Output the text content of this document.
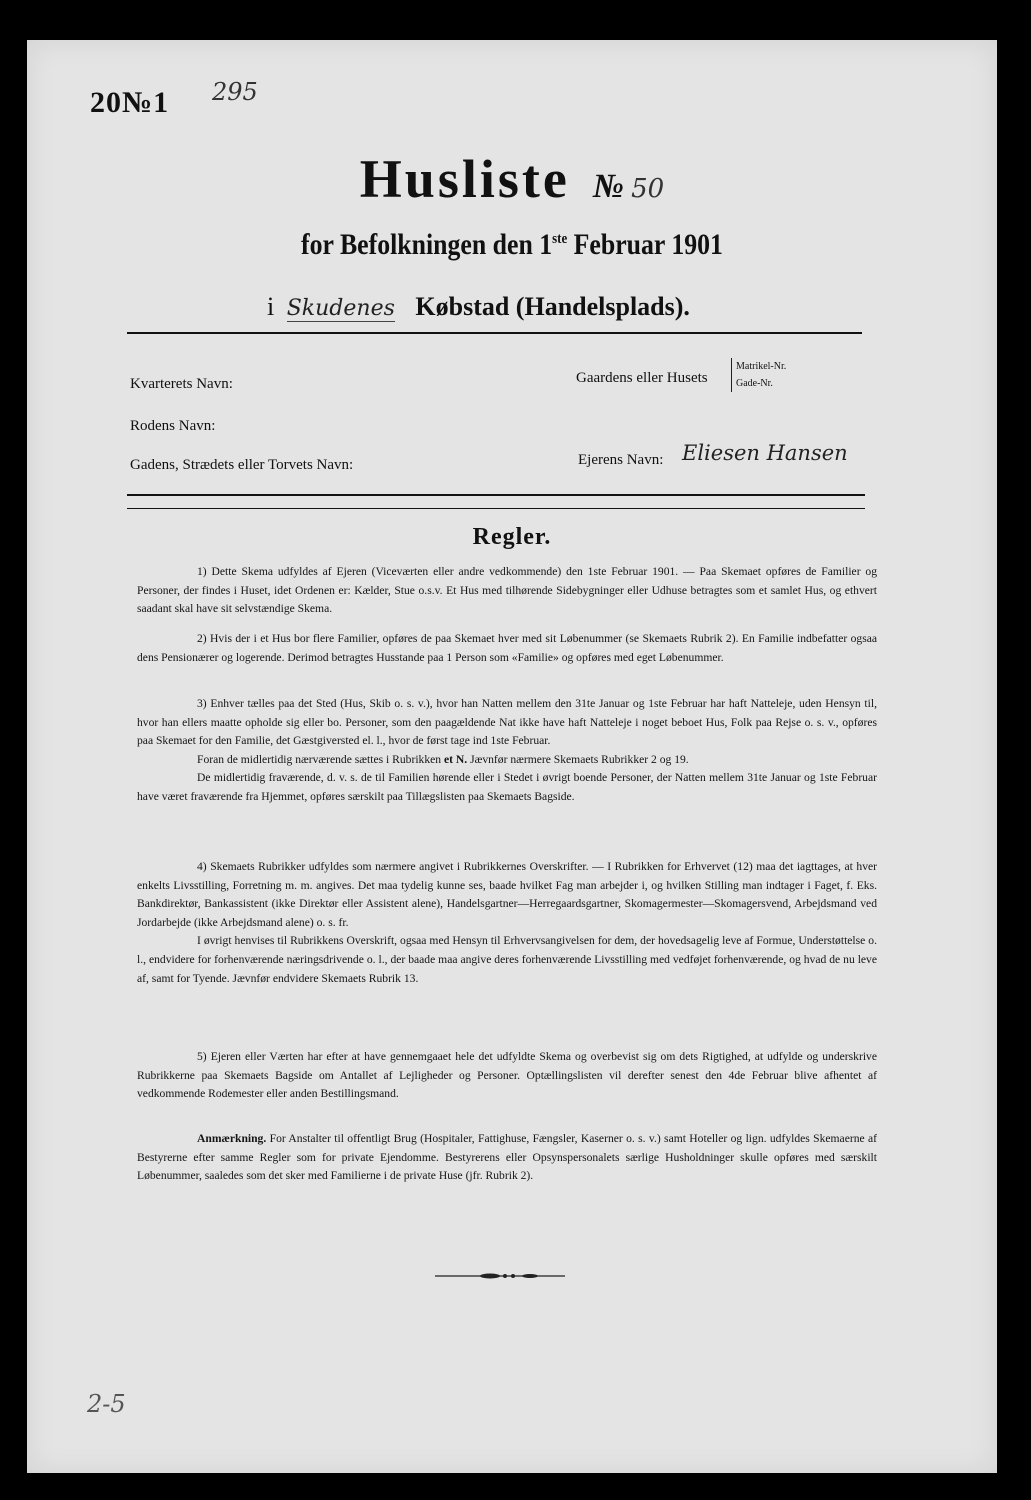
20№1 295
Husliste № 50
for Befolkningen den 1ste Februar 1901
i Skudenes Købstad (Handelsplads).
Kvarterets Navn:
Rodens Navn:
Gadens, Strædets eller Torvets Navn:
Gaardens eller Husets
Matrikel-Nr.
Gade-Nr.
Ejerens Navn: Eliesen Hansen
Regler.

1) Dette Skema udfyldes af Ejeren (Viceværten eller andre vedkommende) den 1ste Februar 1901. — Paa Skemaet opføres de Familier og Personer, der findes i Huset, idet Ordenen er: Kælder, Stue o.s.v. Et Hus med tilhørende Sidebygninger eller Udhuse betragtes som et samlet Hus, og ethvert saadant skal have sit selvstændige Skema.

2) Hvis der i et Hus bor flere Familier, opføres de paa Skemaet hver med sit Løbenummer (se Skemaets Rubrik 2). En Familie indbefatter ogsaa dens Pensionærer og logerende. Derimod betragtes Husstande paa 1 Person som «Familie» og opføres med eget Løbenummer.

3) Enhver tælles paa det Sted (Hus, Skib o. s. v.), hvor han Natten mellem den 31te Januar og 1ste Februar har haft Natteleje, uden Hensyn til, hvor han ellers maatte opholde sig eller bo. Personer, som den paagældende Nat ikke have haft Natteleje i noget beboet Hus, Folk paa Rejse o. s. v., opføres paa Skemaet for den Familie, det Gæstgiversted el. l., hvor de først tage ind 1ste Februar.

Foran de midlertidig nærværende sættes i Rubrikken et N. Jævnfør nærmere Skemaets Rubrikker 2 og 19.

De midlertidig fraværende, d. v. s. de til Familien hørende eller i Stedet i øvrigt boende Personer, der Natten mellem 31te Januar og 1ste Februar have været fraværende fra Hjemmet, opføres særskilt paa Tillægslisten paa Skemaets Bagside.

4) Skemaets Rubrikker udfyldes som nærmere angivet i Rubrikkernes Overskrifter. — I Rubrikken for Erhvervet (12) maa det iagttages, at hver enkelts Livsstilling, Forretning m. m. angives. Det maa tydelig kunne ses, baade hvilket Fag man arbejder i, og hvilken Stilling man indtager i Faget, f. Eks. Bankdirektør, Bankassistent (ikke Direktør eller Assistent alene), Handelsgartner—Herregaardsgartner, Skomagermester—Skomagersvend, Arbejdsmand ved Jordarbejde (ikke Arbejdsmand alene) o. s. fr.

I øvrigt henvises til Rubrikkens Overskrift, ogsaa med Hensyn til Erhvervsangivelsen for dem, der hovedsagelig leve af Formue, Understøttelse o. l., endvidere for forhenværende næringsdrivende o. l., der baade maa angive deres forhenværende Livsstilling med vedføjet forhenværende, og hvad de nu leve af, samt for Tyende. Jævnfør endvidere Skemaets Rubrik 13.

5) Ejeren eller Værten har efter at have gennemgaaet hele det udfyldte Skema og overbevist sig om dets Rigtighed, at udfylde og underskrive Rubrikkerne paa Skemaets Bagside om Antallet af Lejligheder og Personer. Optællingslisten vil derefter senest den 4de Februar blive afhentet af vedkommende Rodemester eller anden Bestillingsmand.

Anmærkning. For Anstalter til offentligt Brug (Hospitaler, Fattighuse, Fængsler, Kaserner o. s. v.) samt Hoteller og lign. udfyldes Skemaerne af Bestyrerne efter samme Regler som for private Ejendomme. Bestyrerens eller Opsynspersonalets særlige Husholdninger skulle opføres med særskilt Løbenummer, saaledes som det sker med Familierne i de private Huse (jfr. Rubrik 2).

2-5
